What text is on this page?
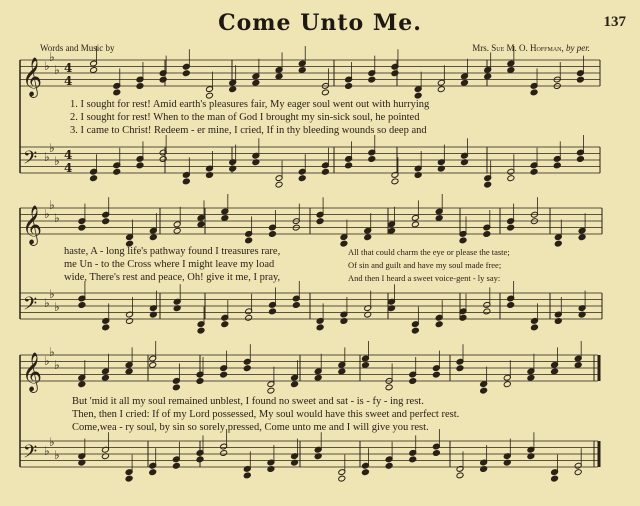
Come Unto Me.	137
Words and Music by	Mrs. Sue M. O. Hoffman, by per.
𝄞
𝄢
♭
♭
♭
♭
♭
♭
4
4
4
4
𝄞
𝄢
♭
♭
♭
♭
♭
♭
𝄞
𝄢
♭
♭
♭
♭
♭
♭
1. I sought for rest! Amid earth's pleasures fair, My eager soul went out with hurrying
2. I sought for rest! When to the man of God I brought my sin-sick soul, he pointed
3. I came to Christ! Redeem - er mine, I cried, If in thy bleeding wounds so deep and
haste, A - long life's pathway found I treasures rare,
me Un - to the Cross where I might leave my load
wide, There's rest and peace, Oh! give it me, I pray,
All that could charm the eye or please the taste;
Of sin and guilt and have my soul made free;
And then I heard a sweet voice-gent - ly say:
But 'mid it all my soul remained unblest, I found no sweet and sat - is - fy - ing rest.
Then, then I cried: If of my Lord possessed, My soul would have this sweet and perfect rest.
Come,wea - ry soul, by sin so sorely pressed, Come unto me and I will give you rest.
